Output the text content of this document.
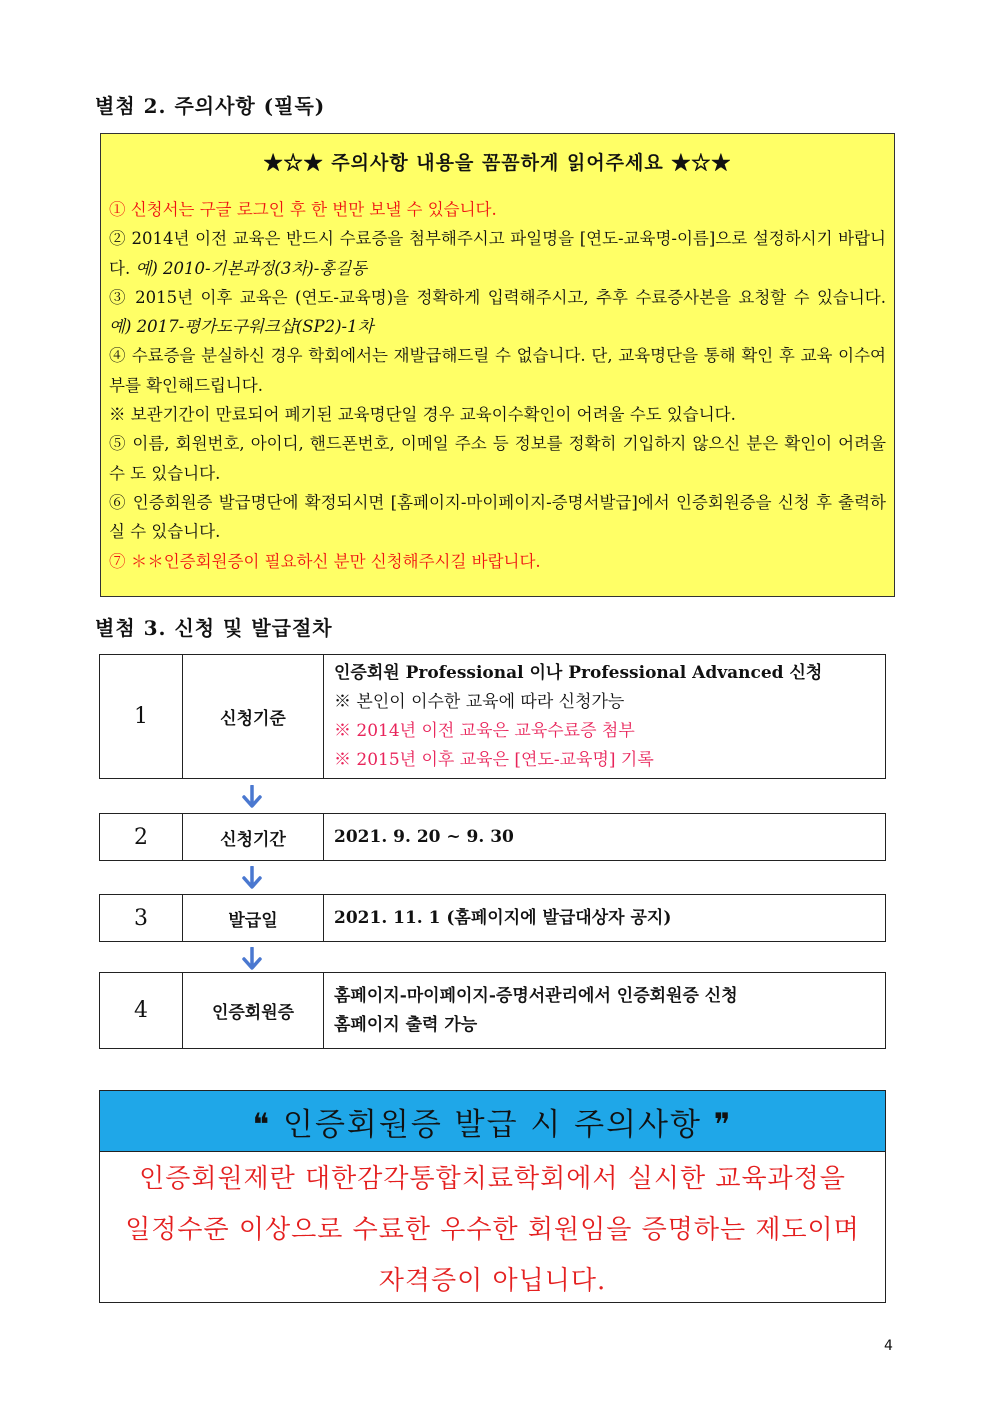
별첨 2. 주의사항 (필독)
★☆★ 주의사항 내용을 꼼꼼하게 읽어주세요 ★☆★

① 신청서는 구글 로그인 후 한 번만 보낼 수 있습니다.

② 2014년 이전 교육은 반드시 수료증을 첨부해주시고 파일명을 [연도-교육명-이름]으로 설정하시기 바랍니다. 예) 2010-기본과정(3차)-홍길동

③ 2015년 이후 교육은 (연도-교육명)을 정확하게 입력해주시고, 추후 수료증사본을 요청할 수 있습니다. 예) 2017-평가도구워크샵(SP2)-1차

④ 수료증을 분실하신 경우 학회에서는 재발급해드릴 수 없습니다. 단, 교육명단을 통해 확인 후 교육 이수여부를 확인해드립니다.

※ 보관기간이 만료되어 폐기된 교육명단일 경우 교육이수확인이 어려울 수도 있습니다.

⑤ 이름, 회원번호, 아이디, 핸드폰번호, 이메일 주소 등 정보를 정확히 기입하지 않으신 분은 확인이 어려울 수 도 있습니다.

⑥ 인증회원증 발급명단에 확정되시면 [홈페이지-마이페이지-증명서발급]에서 인증회원증을 신청 후 출력하실 수 있습니다.

⑦ ＊＊인증회원증이 필요하신 분만 신청해주시길 바랍니다.

별첨 3. 신청 및 발급절차
1	신청기준
인증회원 Professional 이나 Professional Advanced 신청
※ 본인이 이수한 교육에 따라 신청가능
※ 2014년 이전 교육은 교육수료증 첨부
※ 2015년 이후 교육은 [연도-교육명] 기록
2	신청기간	2021. 9. 20 ~ 9. 30
3	발급일	2021. 11. 1 (홈페이지에 발급대상자 공지)
4	인증회원증
홈페이지-마이페이지-증명서관리에서 인증회원증 신청
홈페이지 출력 가능
❝ 인증회원증 발급 시 주의사항 ❞
인증회원제란 대한감각통합치료학회에서 실시한 교육과정을
일정수준 이상으로 수료한 우수한 회원임을 증명하는 제도이며
자격증이 아닙니다.
4
